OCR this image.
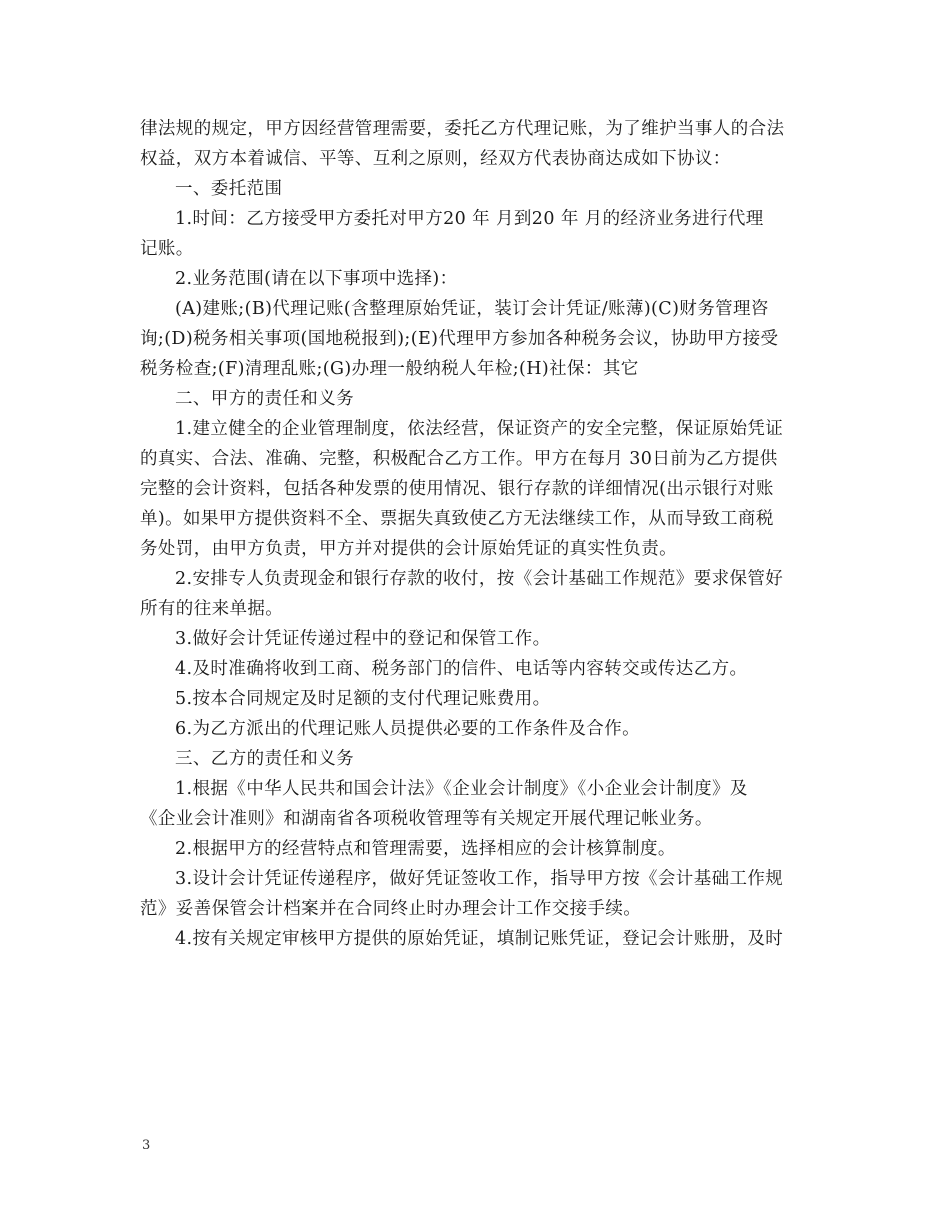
律法规的规定，甲方因经营管理需要，委托乙方代理记账，为了维护当事人的合法
权益，双方本着诚信、平等、互利之原则，经双方代表协商达成如下协议：
一、委托范围
1.时间：乙方接受甲方委托对甲方20 年 月到20 年 月的经济业务进行代理
记账。
2.业务范围(请在以下事项中选择)：
(A)建账;(B)代理记账(含整理原始凭证，装订会计凭证/账薄)(C)财务管理咨
询;(D)税务相关事项(国地税报到);(E)代理甲方参加各种税务会议，协助甲方接受
税务检查;(F)清理乱账;(G)办理一般纳税人年检;(H)社保：其它
二、甲方的责任和义务
1.建立健全的企业管理制度，依法经营，保证资产的安全完整，保证原始凭证
的真实、合法、准确、完整，积极配合乙方工作。甲方在每月 30日前为乙方提供
完整的会计资料，包括各种发票的使用情况、银行存款的详细情况(出示银行对账
单)。如果甲方提供资料不全、票据失真致使乙方无法继续工作，从而导致工商税
务处罚，由甲方负责，甲方并对提供的会计原始凭证的真实性负责。
2.安排专人负责现金和银行存款的收付，按《会计基础工作规范》要求保管好
所有的往来单据。
3.做好会计凭证传递过程中的登记和保管工作。
4.及时准确将收到工商、税务部门的信件、电话等内容转交或传达乙方。
5.按本合同规定及时足额的支付代理记账费用。
6.为乙方派出的代理记账人员提供必要的工作条件及合作。
三、乙方的责任和义务
1.根据《中华人民共和国会计法》《企业会计制度》《小企业会计制度》及
《企业会计准则》和湖南省各项税收管理等有关规定开展代理记帐业务。
2.根据甲方的经营特点和管理需要，选择相应的会计核算制度。
3.设计会计凭证传递程序，做好凭证签收工作，指导甲方按《会计基础工作规
范》妥善保管会计档案并在合同终止时办理会计工作交接手续。
4.按有关规定审核甲方提供的原始凭证，填制记账凭证，登记会计账册，及时
3
